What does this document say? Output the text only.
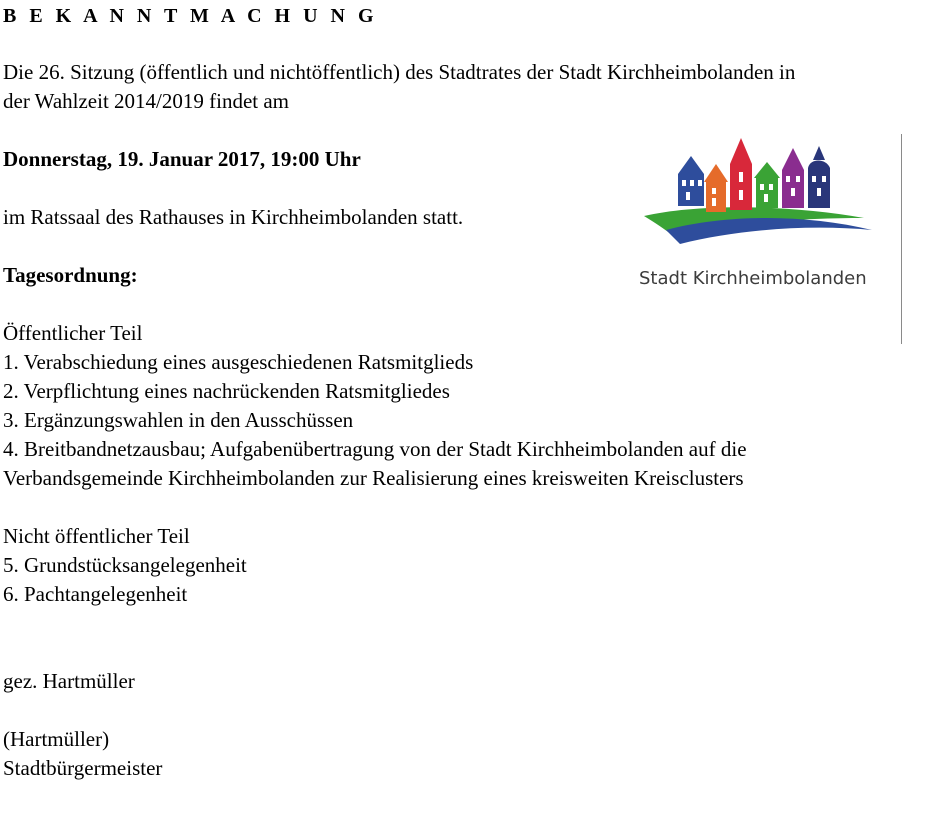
B E K A N N T M A C H U N G

Die 26. Sitzung (öffentlich und nichtöffentlich) des Stadtrates der Stadt Kirchheimbolanden in

der Wahlzeit 2014/2019 findet am

Donnerstag, 19. Januar 2017, 19:00 Uhr

im Ratssaal des Rathauses in Kirchheimbolanden statt.

Tagesordnung:

Öffentlicher Teil

1. Verabschiedung eines ausgeschiedenen Ratsmitglieds

2. Verpflichtung eines nachrückenden Ratsmitgliedes

3. Ergänzungswahlen in den Ausschüssen

4. Breitbandnetzausbau; Aufgabenübertragung von der Stadt Kirchheimbolanden auf die

Verbandsgemeinde Kirchheimbolanden zur Realisierung eines kreisweiten Kreisclusters

Nicht öffentlicher Teil

5. Grundstücksangelegenheit

6. Pachtangelegenheit

gez. Hartmüller

(Hartmüller)

Stadtbürgermeister

Stadt Kirchheimbolanden
